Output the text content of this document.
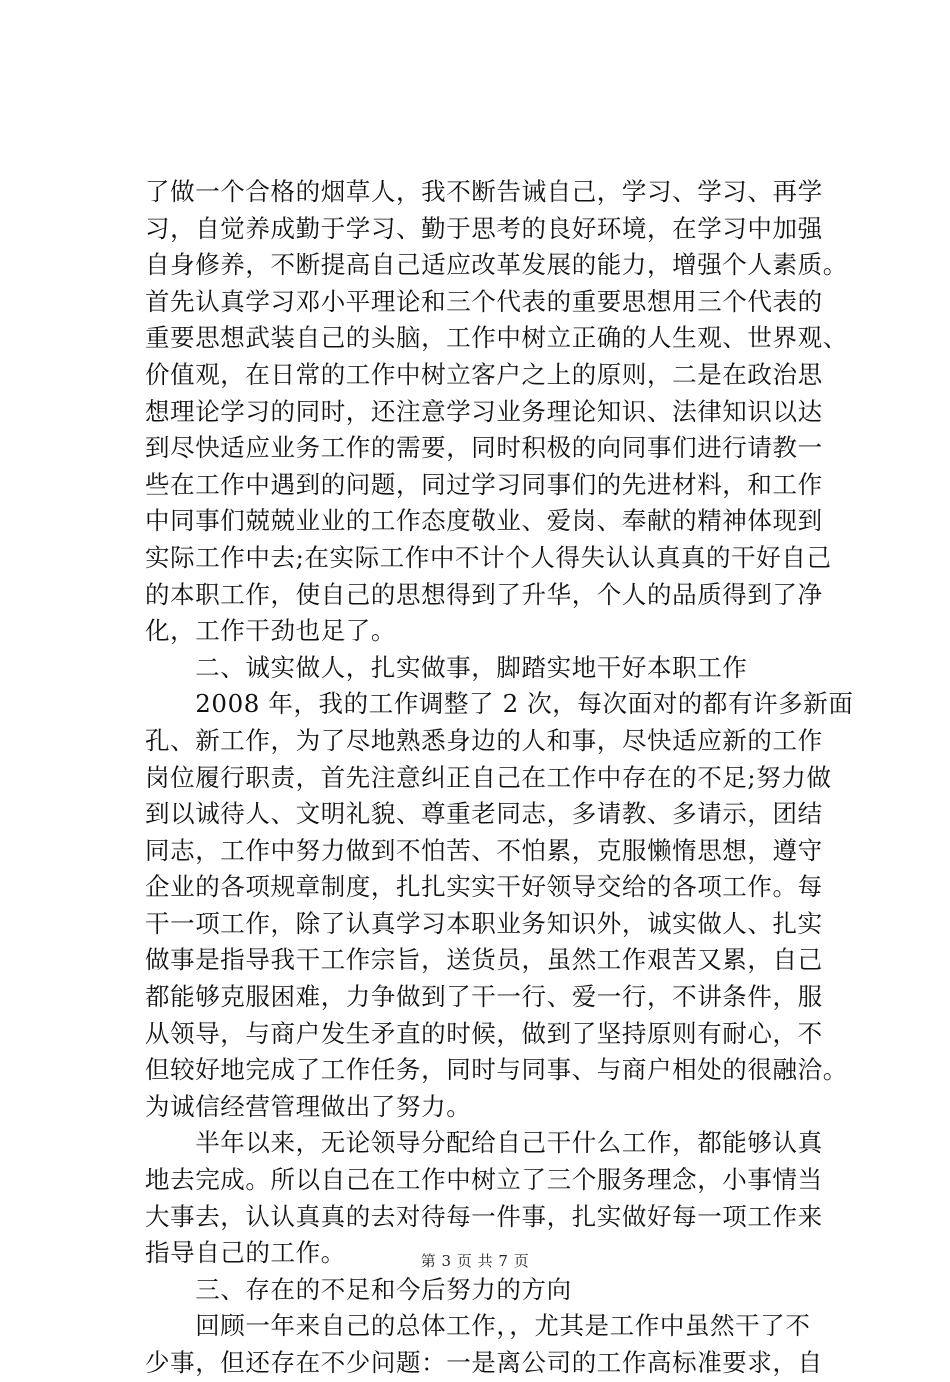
了做一个合格的烟草人，我不断告诫自己，学习、学习、再学
习，自觉养成勤于学习、勤于思考的良好环境，在学习中加强
自身修养，不断提高自己适应改革发展的能力，增强个人素质。
首先认真学习邓小平理论和三个代表的重要思想用三个代表的
重要思想武装自己的头脑，工作中树立正确的人生观、世界观、
价值观，在日常的工作中树立客户之上的原则，二是在政治思
想理论学习的同时，还注意学习业务理论知识、法律知识以达
到尽快适应业务工作的需要，同时积极的向同事们进行请教一
些在工作中遇到的问题，同过学习同事们的先进材料，和工作
中同事们兢兢业业的工作态度敬业、爱岗、奉献的精神体现到
实际工作中去;在实际工作中不计个人得失认认真真的干好自己
的本职工作，使自己的思想得到了升华，个人的品质得到了净
化，工作干劲也足了。
　　二、诚实做人，扎实做事，脚踏实地干好本职工作
　　2008 年，我的工作调整了 2 次，每次面对的都有许多新面
孔、新工作，为了尽地熟悉身边的人和事，尽快适应新的工作
岗位履行职责，首先注意纠正自己在工作中存在的不足;努力做
到以诚待人、文明礼貌、尊重老同志，多请教、多请示，团结
同志，工作中努力做到不怕苦、不怕累，克服懒惰思想，遵守
企业的各项规章制度，扎扎实实干好领导交给的各项工作。每
干一项工作，除了认真学习本职业务知识外，诚实做人、扎实
做事是指导我干工作宗旨，送货员，虽然工作艰苦又累，自己
都能够克服困难，力争做到了干一行、爱一行，不讲条件，服
从领导，与商户发生矛直的时候，做到了坚持原则有耐心，不
但较好地完成了工作任务，同时与同事、与商户相处的很融洽。
为诚信经营管理做出了努力。
　　半年以来，无论领导分配给自己干什么工作，都能够认真
地去完成。所以自己在工作中树立了三个服务理念，小事情当
大事去，认认真真的去对待每一件事，扎实做好每一项工作来
指导自己的工作。
　　三、存在的不足和今后努力的方向
　　回顾一年来自己的总体工作，，尤其是工作中虽然干了不
少事，但还存在不少问题：一是离公司的工作高标准要求，自
第 3 页 共 7 页
